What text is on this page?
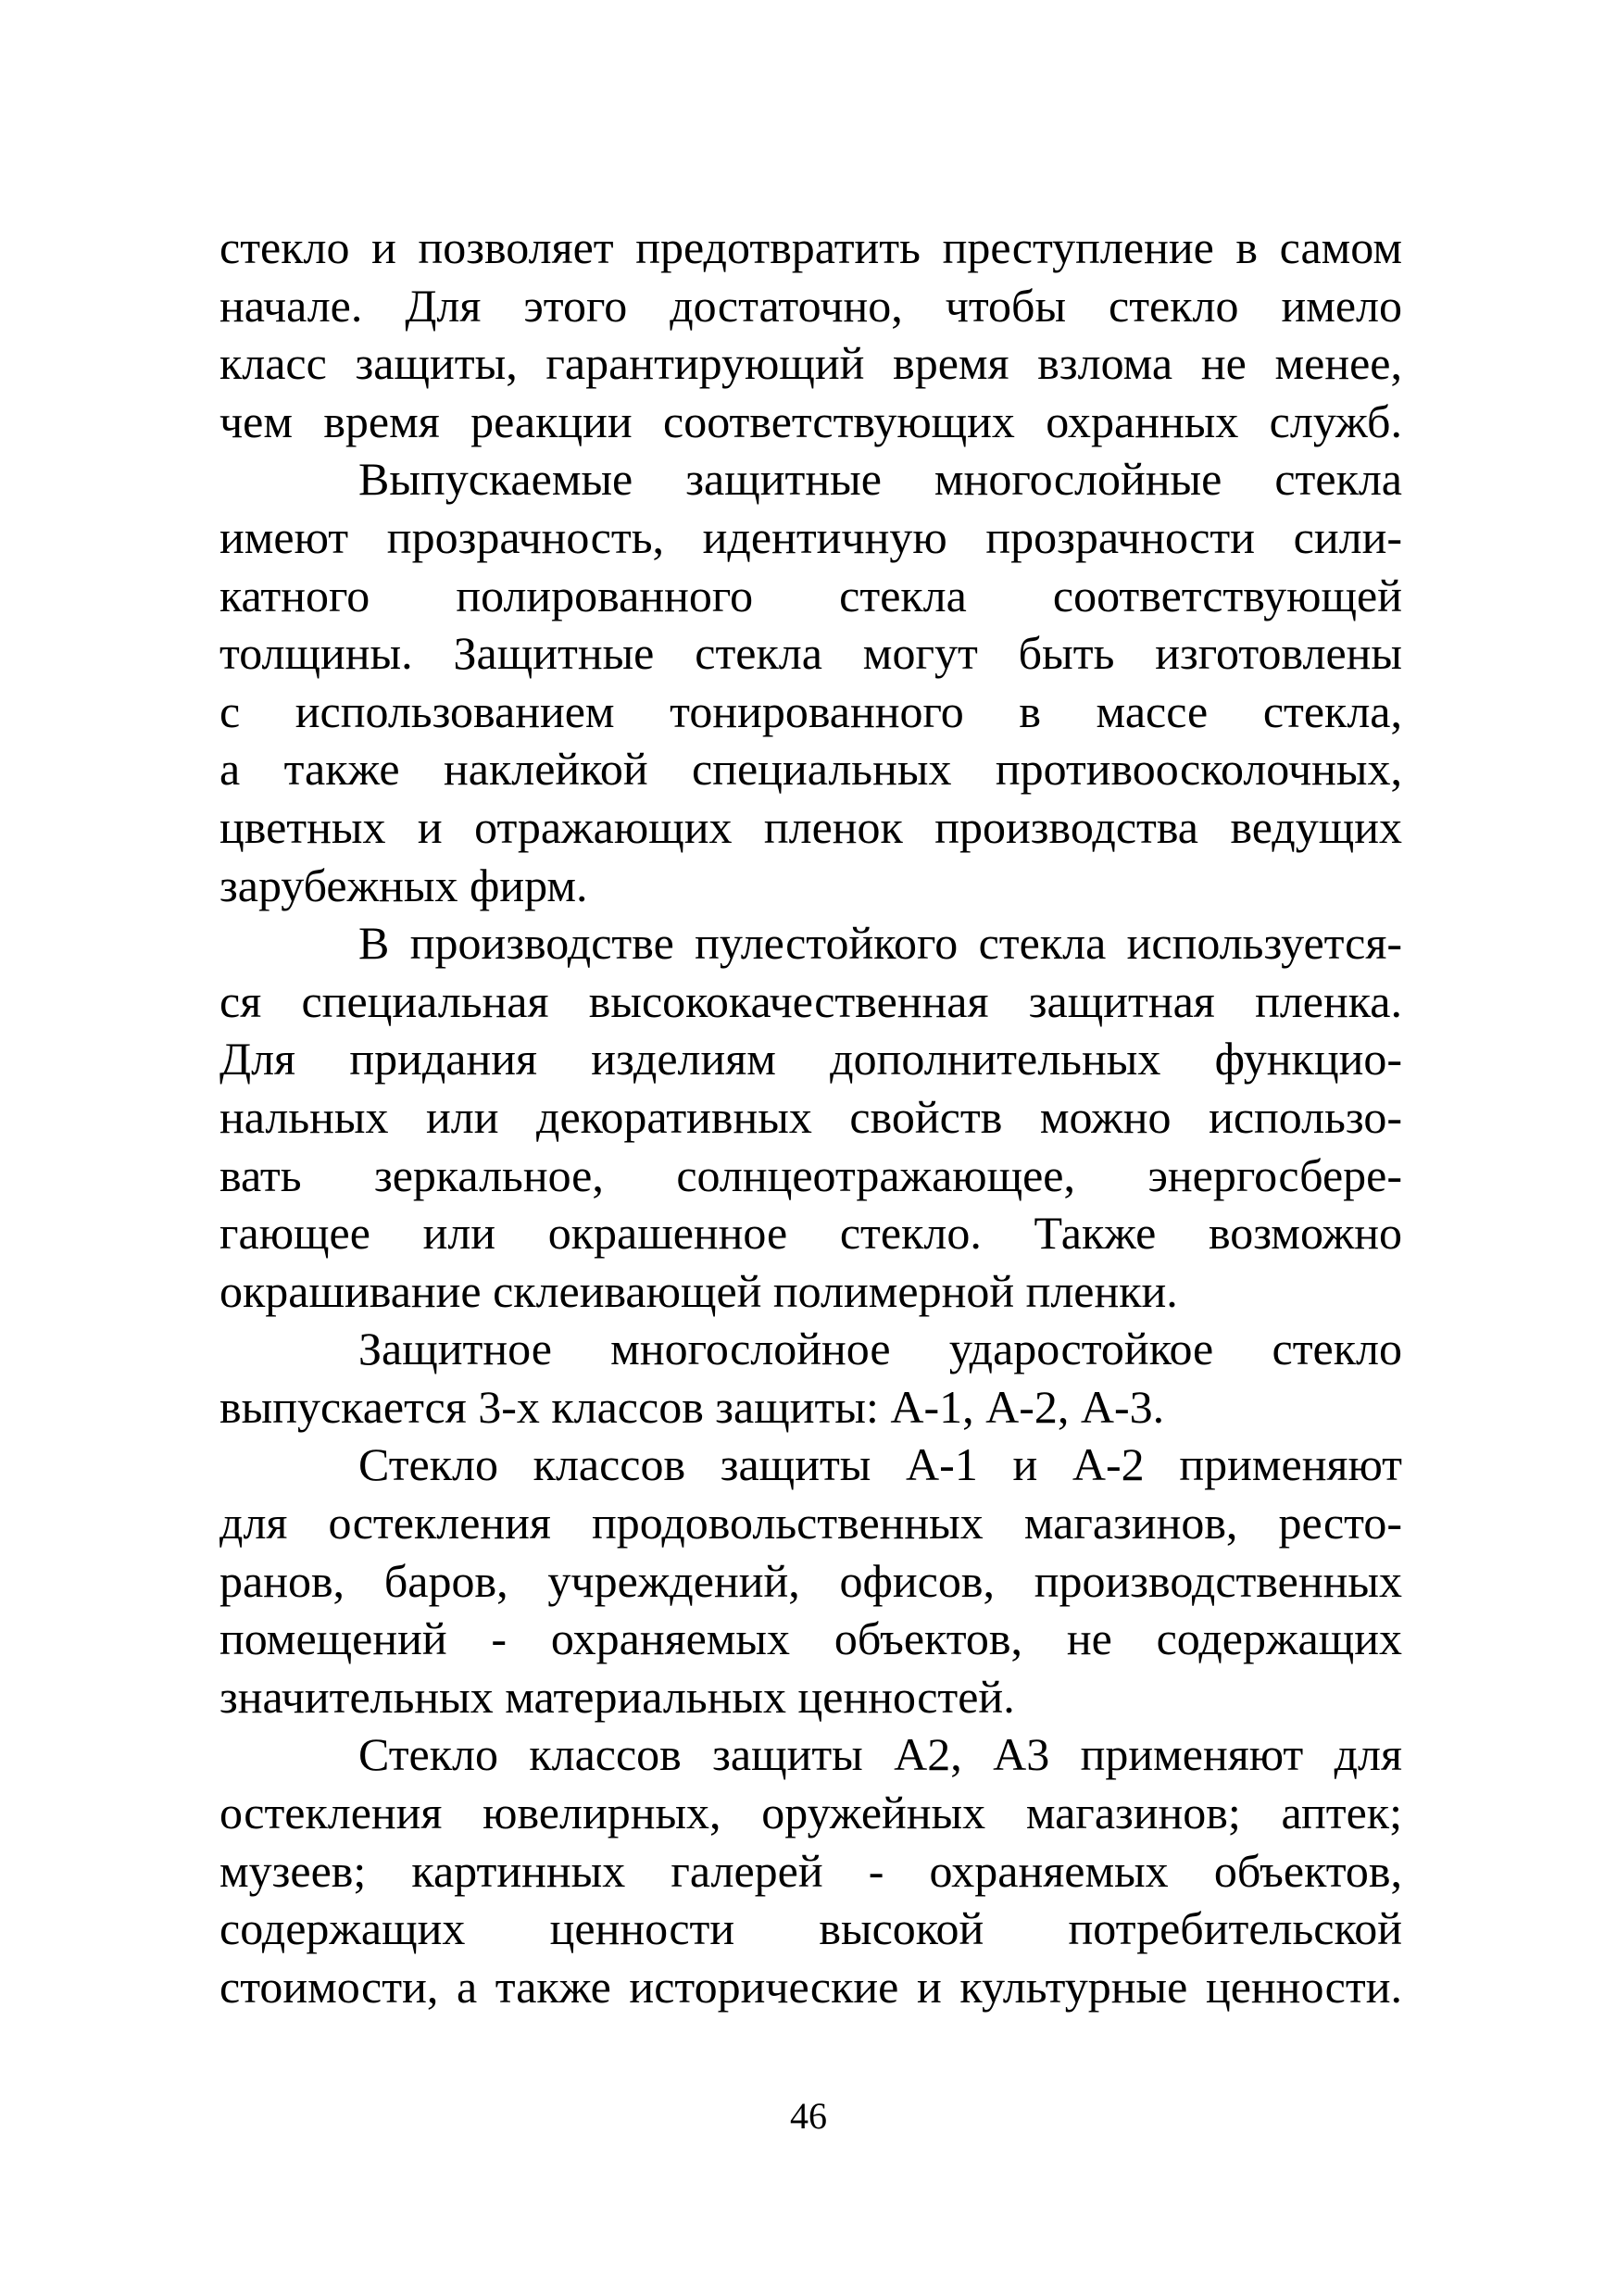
стекло и позволяет предотвратить преступление в самом
начале. Для этого достаточно, чтобы стекло имело
класс защиты, гарантирующий время взлома не менее,
чем время реакции соответствующих охранных служб.
Выпускаемые защитные многослойные стекла
имеют прозрачность, идентичную прозрачности сили-
катного полированного стекла соответствующей
толщины. Защитные стекла могут быть изготовлены
с использованием тонированного в массе стекла,
а также наклейкой специальных противоосколочных,
цветных и отражающих пленок производства ведущих
зарубежных фирм.
В производстве пулестойкого стекла используется-
ся специальная высококачественная защитная пленка.
Для придания изделиям дополнительных функцио-
нальных или декоративных свойств можно использо-
вать зеркальное, солнцеотражающее, энергосбере-
гающее или окрашенное стекло. Также возможно
окрашивание склеивающей полимерной пленки.
Защитное многослойное ударостойкое стекло
выпускается 3-х классов защиты: А-1, А-2, А-3.
Стекло классов защиты А-1 и А-2 применяют
для остекления продовольственных магазинов, ресто-
ранов, баров, учреждений, офисов, производственных
помещений - охраняемых объектов, не содержащих
значительных материальных ценностей.
Стекло классов защиты А2, А3 применяют для
остекления ювелирных, оружейных магазинов; аптек;
музеев; картинных галерей - охраняемых объектов,
содержащих ценности высокой потребительской
стоимости, а также исторические и культурные ценности.
46
